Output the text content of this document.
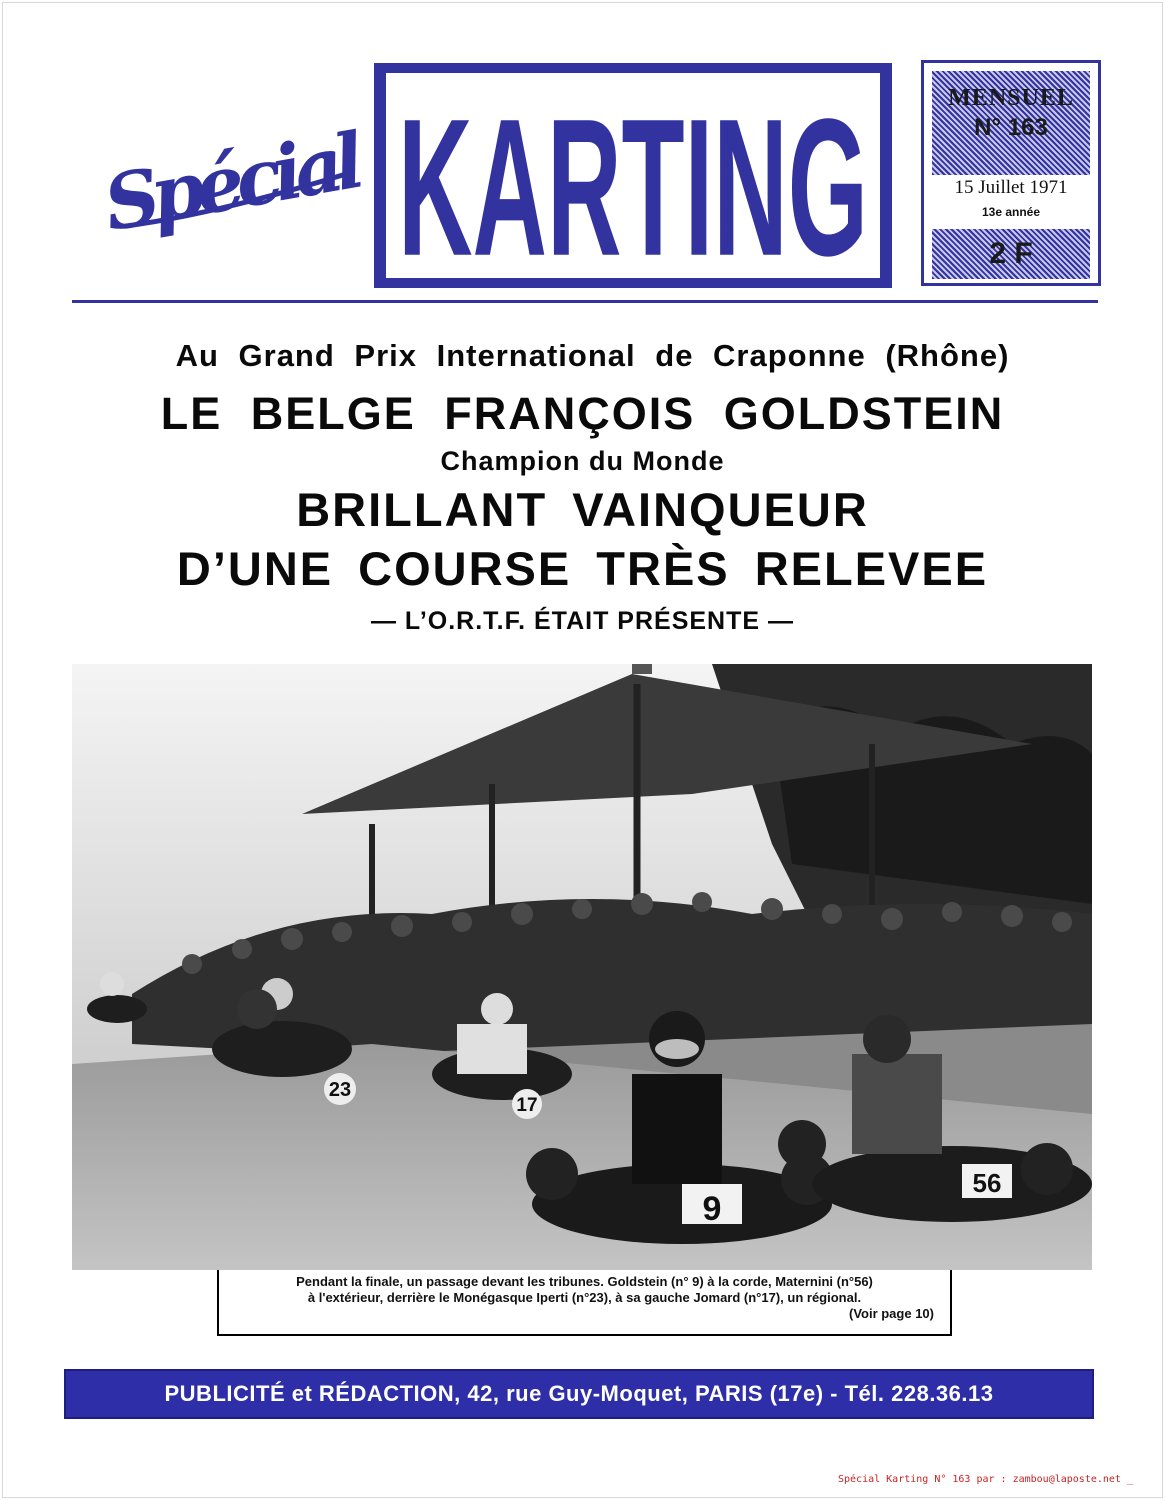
Spécial KARTING	MENSUEL
N° 163
15 Juillet 1971
13e année
2 F
Au Grand Prix International de Craponne (Rhône)
LE BELGE FRANÇOIS GOLDSTEIN
Champion du Monde
BRILLANT VAINQUEUR
D’UNE COURSE TRÈS RELEVEE
— L’O.R.T.F. ÉTAIT PRÉSENTE —
23
17
9
56
Pendant la finale, un passage devant les tribunes. Goldstein (n° 9) à la corde, Maternini (n°56)
à l'extérieur, derrière le Monégasque Iperti (n°23), à sa gauche Jomard (n°17), un régional.
(Voir page 10)
PUBLICITÉ et RÉDACTION, 42, rue Guy-Moquet, PARIS (17e) - Tél. 228.36.13
Spécial Karting N° 163 par : zambou@laposte.net _
